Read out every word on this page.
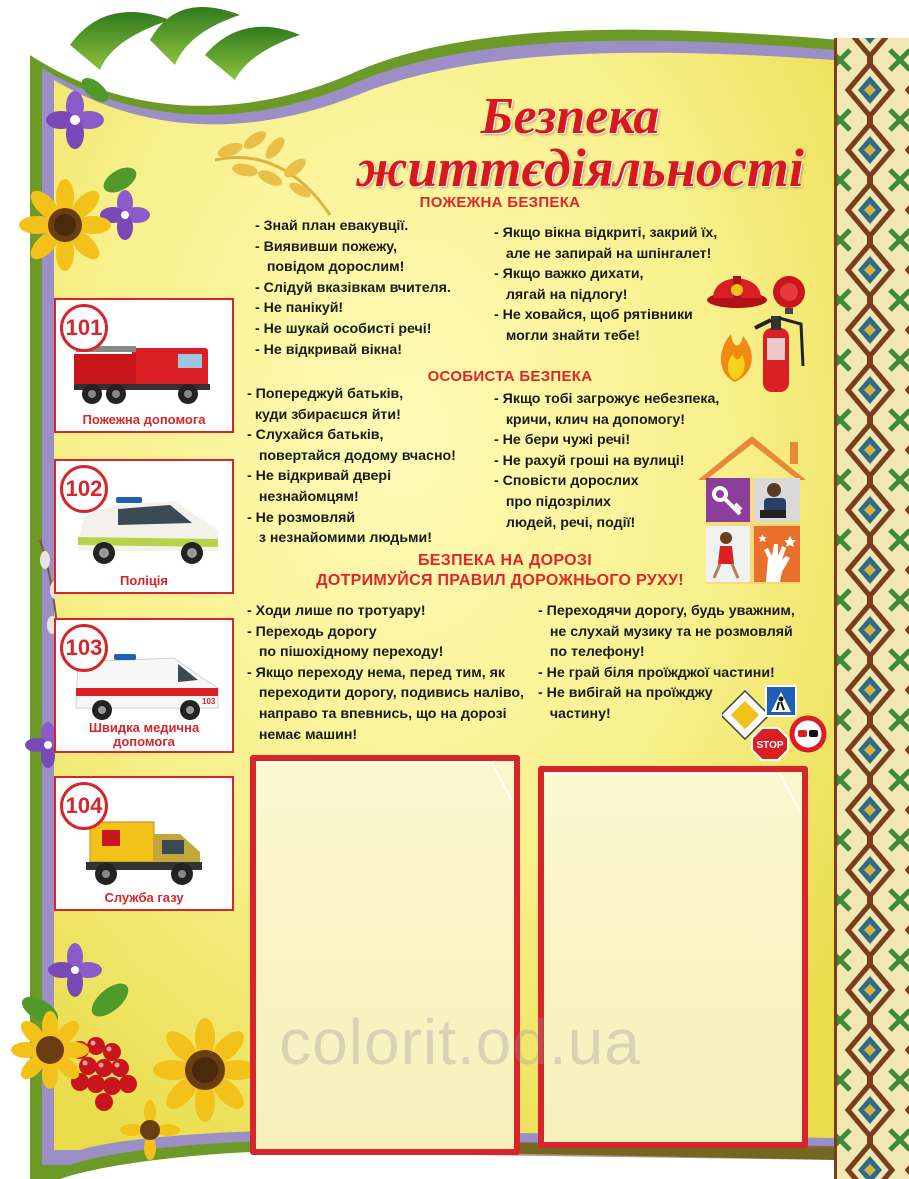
Безпека
життєдіяльності
ПОЖЕЖНА БЕЗПЕКА
- Знай план евакувції.
- Виявивши пожежу,
повідом дорослим!
- Слідуй вказівкам вчителя.
- Не панікуй!
- Не шукай особисті речі!
- Не відкривай вікна!
- Якщо вікна відкриті, закрий їх,
але не запирай на шпінгалет!
- Якщо важко дихати,
лягай на підлогу!
- Не ховайся, щоб рятівники
могли знайти тебе!
ОСОБИСТА БЕЗПЕКА
- Попереджуй батьків,
куди збираєшся йти!
- Слухайся батьків,
повертайся додому вчасно!
- Не відкривай двері
незнайомцям!
- Не розмовляй
з незнайомими людьми!
- Якщо тобі загрожує небезпека,
кричи, клич на допомогу!
- Не бери чужі речі!
- Не рахуй гроші на вулиці!
- Сповісти дорослих
про підозрілих
людей, речі, події!
БЕЗПЕКА НА ДОРОЗІ
ДОТРИМУЙСЯ ПРАВИЛ ДОРОЖНЬОГО РУХУ!
- Ходи лише по тротуару!
- Переходь дорогу
по пішохідному переходу!
- Якщо переходу нема, перед тим, як
переходити дорогу, подивись наліво,
направо та впевнись, що на дорозі
немає машин!
- Переходячи дорогу, будь уважним,
не слухай музику та не розмовляй
по телефону!
- Не грай біля проїжджої частини!
- Не вибігай на проїжджу
частину!
STOP
101
Пожежна допомога
102
Поліція
103
103
Швидка медична
допомога
104
Служба газу
colorit.od.ua
